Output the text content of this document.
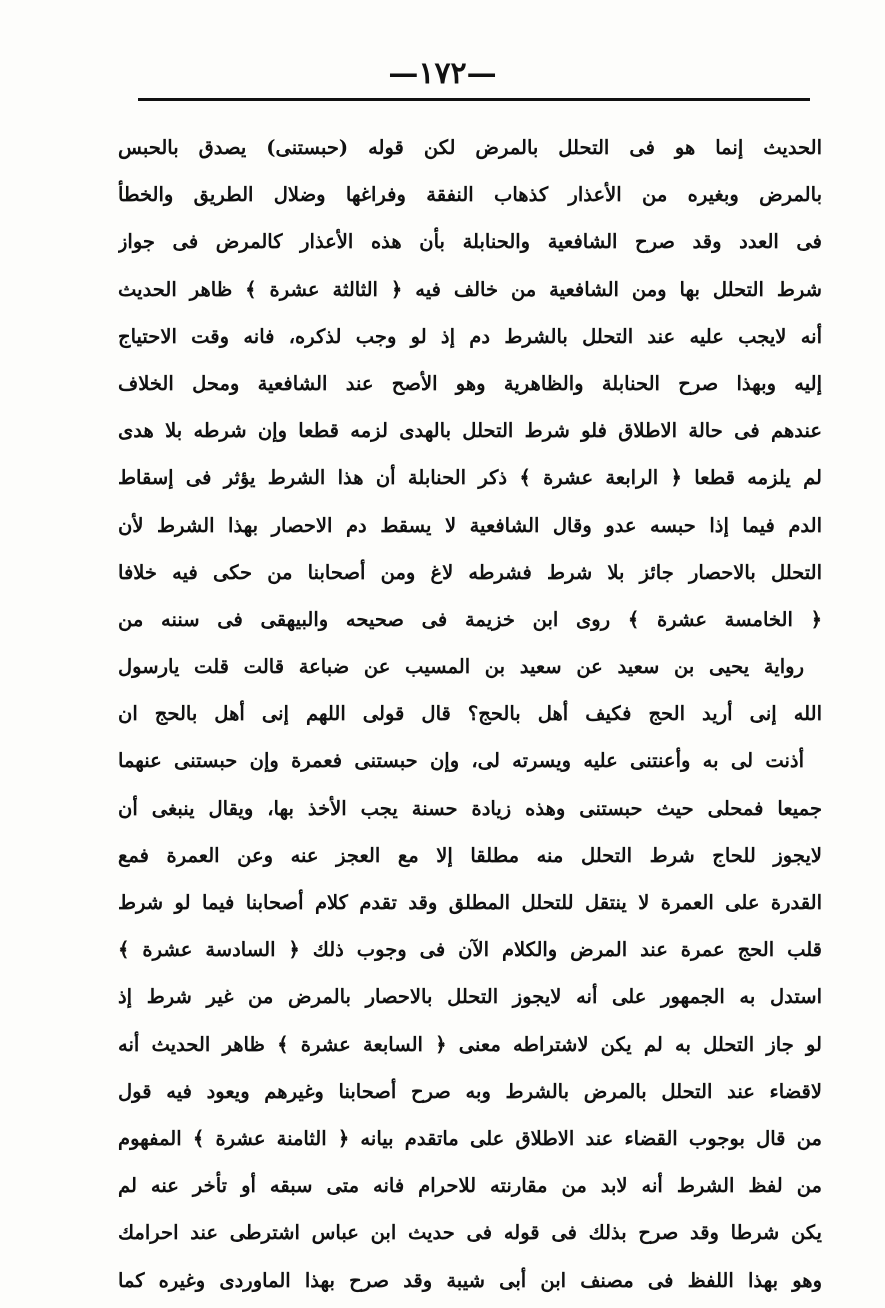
—١٧٢—
الحديث إنما هو فى التحلل بالمرض لكن قوله (حبستنى) يصدق بالحبس
بالمرض وبغيره من الأعذار كذهاب النفقة وفراغها وضلال الطريق والخطأ
فى العدد وقد صرح الشافعية والحنابلة بأن هذه الأعذار كالمرض فى جواز
شرط التحلل بها ومن الشافعية من خالف فيه ﴿ الثالثة عشرة ﴾ ظاهر الحديث
أنه لايجب عليه عند التحلل بالشرط دم إذ لو وجب لذكره، فانه وقت الاحتياج
إليه وبهذا صرح الحنابلة والظاهرية وهو الأصح عند الشافعية ومحل الخلاف
عندهم فى حالة الاطلاق فلو شرط التحلل بالهدى لزمه قطعا وإن شرطه بلا هدى
لم يلزمه قطعا ﴿ الرابعة عشرة ﴾ ذكر الحنابلة أن هذا الشرط يؤثر فى إسقاط
الدم فيما إذا حبسه عدو وقال الشافعية لا يسقط دم الاحصار بهذا الشرط لأن
التحلل بالاحصار جائز بلا شرط فشرطه لاغ ومن أصحابنا من حكى فيه خلافا
﴿ الخامسة عشرة ﴾ روى ابن خزيمة فى صحيحه والبيهقى فى سننه من
رواية يحيى بن سعيد عن سعيد بن المسيب عن ضباعة قالت قلت يارسول
الله إنى أريد الحج فكيف أهل بالحج؟ قال قولى اللهم إنى أهل بالحج ان
أذنت لى به وأعنتنى عليه ويسرته لى، وإن حبستنى فعمرة وإن حبستنى عنهما
جميعا فمحلى حيث حبستنى وهذه زيادة حسنة يجب الأخذ بها، ويقال ينبغى أن
لايجوز للحاج شرط التحلل منه مطلقا إلا مع العجز عنه وعن العمرة فمع
القدرة على العمرة لا ينتقل للتحلل المطلق وقد تقدم كلام أصحابنا فيما لو شرط
قلب الحج عمرة عند المرض والكلام الآن فى وجوب ذلك ﴿ السادسة عشرة ﴾
استدل به الجمهور على أنه لايجوز التحلل بالاحصار بالمرض من غير شرط إذ
لو جاز التحلل به لم يكن لاشتراطه معنى ﴿ السابعة عشرة ﴾ ظاهر الحديث أنه
لاقضاء عند التحلل بالمرض بالشرط وبه صرح أصحابنا وغيرهم ويعود فيه قول
من قال بوجوب القضاء عند الاطلاق على ماتقدم بيانه ﴿ الثامنة عشرة ﴾ المفهوم
من لفظ الشرط أنه لابد من مقارنته للاحرام فانه متى سبقه أو تأخر عنه لم
يكن شرطا وقد صرح بذلك فى قوله فى حديث ابن عباس اشترطى عند احرامك
وهو بهذا اللفظ فى مصنف ابن أبى شيبة وقد صرح بهذا الماوردى وغيره كما
